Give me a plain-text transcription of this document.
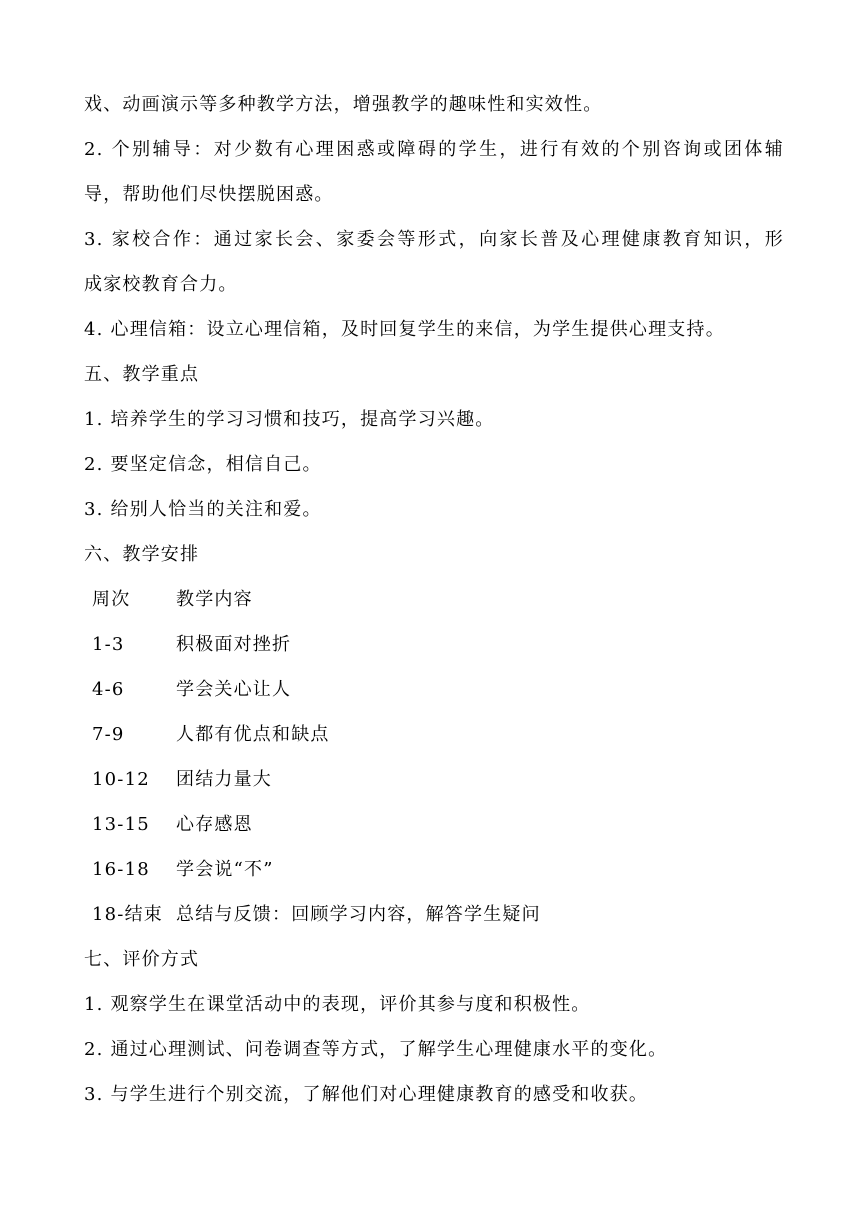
戏、动画演示等多种教学方法，增强教学的趣味性和实效性。
2. 个别辅导：对少数有心理困惑或障碍的学生，进行有效的个别咨询或团体辅
导，帮助他们尽快摆脱困惑。
3. 家校合作：通过家长会、家委会等形式，向家长普及心理健康教育知识，形
成家校教育合力。
4. 心理信箱：设立心理信箱，及时回复学生的来信，为学生提供心理支持。
五、教学重点
1. 培养学生的学习习惯和技巧，提高学习兴趣。
2. 要坚定信念，相信自己。
3. 给别人恰当的关注和爱。
六、教学安排
周次	教学内容
1-3	积极面对挫折
4-6	学会关心让人
7-9	人都有优点和缺点
10-12	团结力量大
13-15	心存感恩
16-18	学会说“不”
18-结束 总结与反馈：回顾学习内容，解答学生疑问
七、评价方式
1. 观察学生在课堂活动中的表现，评价其参与度和积极性。
2. 通过心理测试、问卷调查等方式，了解学生心理健康水平的变化。
3. 与学生进行个别交流，了解他们对心理健康教育的感受和收获。
